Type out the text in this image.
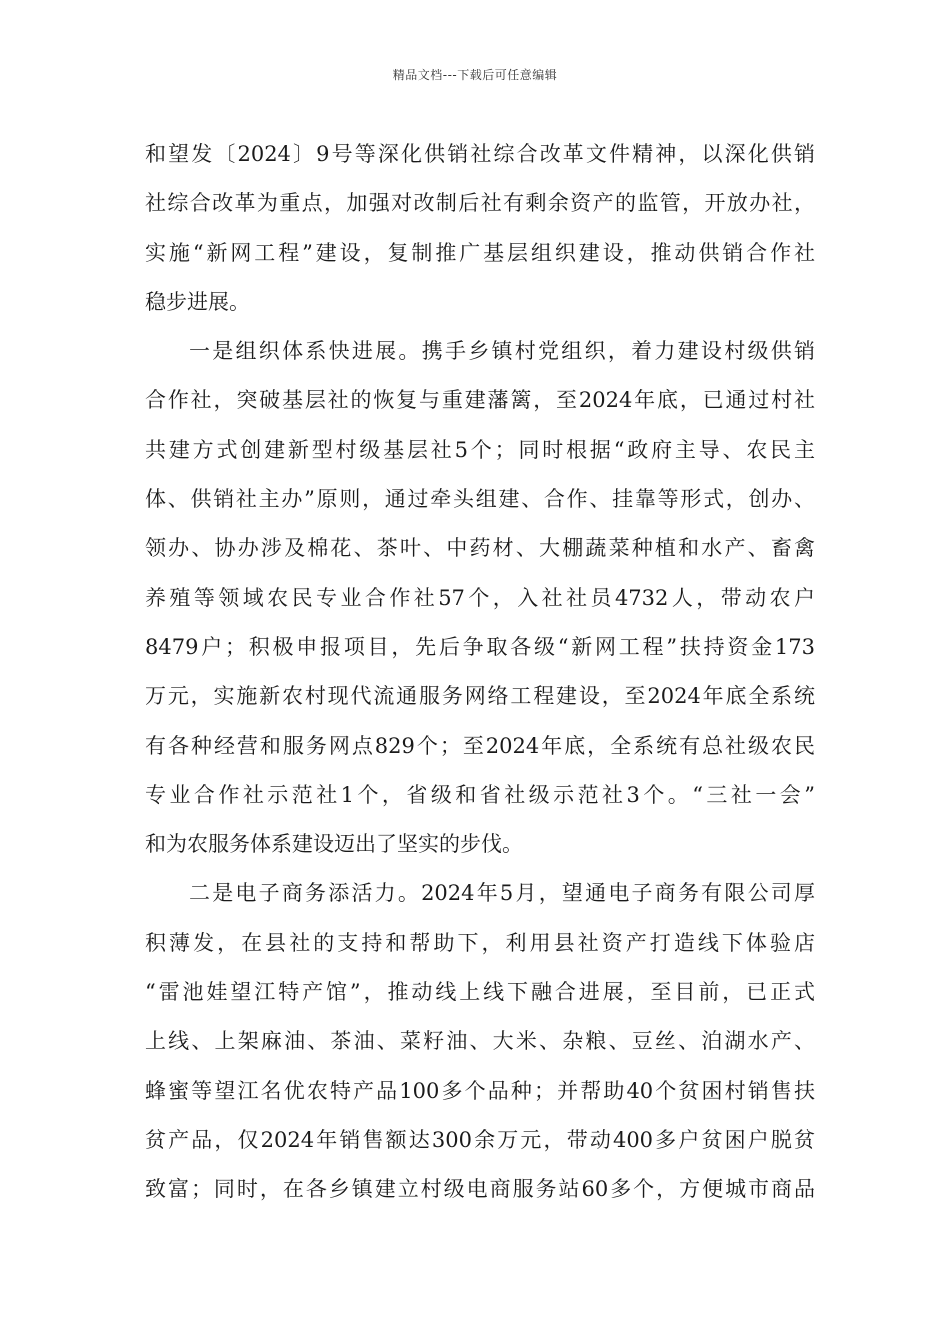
精品文档---下载后可任意编辑
和望发〔2024〕9号等深化供销社综合改革文件精神，以深化供销
社综合改革为重点，加强对改制后社有剩余资产的监管，开放办社，
实施“新网工程”建设，复制推广基层组织建设，推动供销合作社
稳步进展。
一是组织体系快进展。携手乡镇村党组织，着力建设村级供销
合作社，突破基层社的恢复与重建藩篱，至2024年底，已通过村社
共建方式创建新型村级基层社5个；同时根据“政府主导、农民主
体、供销社主办”原则，通过牵头组建、合作、挂靠等形式，创办、
领办、协办涉及棉花、茶叶、中药材、大棚蔬菜种植和水产、畜禽
养殖等领域农民专业合作社57个，入社社员4732人，带动农户
8479户；积极申报项目，先后争取各级“新网工程”扶持资金173
万元，实施新农村现代流通服务网络工程建设，至2024年底全系统
有各种经营和服务网点829个；至2024年底，全系统有总社级农民
专业合作社示范社1个，省级和省社级示范社3个。“三社一会”
和为农服务体系建设迈出了坚实的步伐。
二是电子商务添活力。2024年5月，望通电子商务有限公司厚
积薄发，在县社的支持和帮助下，利用县社资产打造线下体验店
“雷池娃望江特产馆”，推动线上线下融合进展，至目前，已正式
上线、上架麻油、茶油、菜籽油、大米、杂粮、豆丝、泊湖水产、
蜂蜜等望江名优农特产品100多个品种；并帮助40个贫困村销售扶
贫产品，仅2024年销售额达300余万元，带动400多户贫困户脱贫
致富；同时，在各乡镇建立村级电商服务站60多个，方便城市商品
